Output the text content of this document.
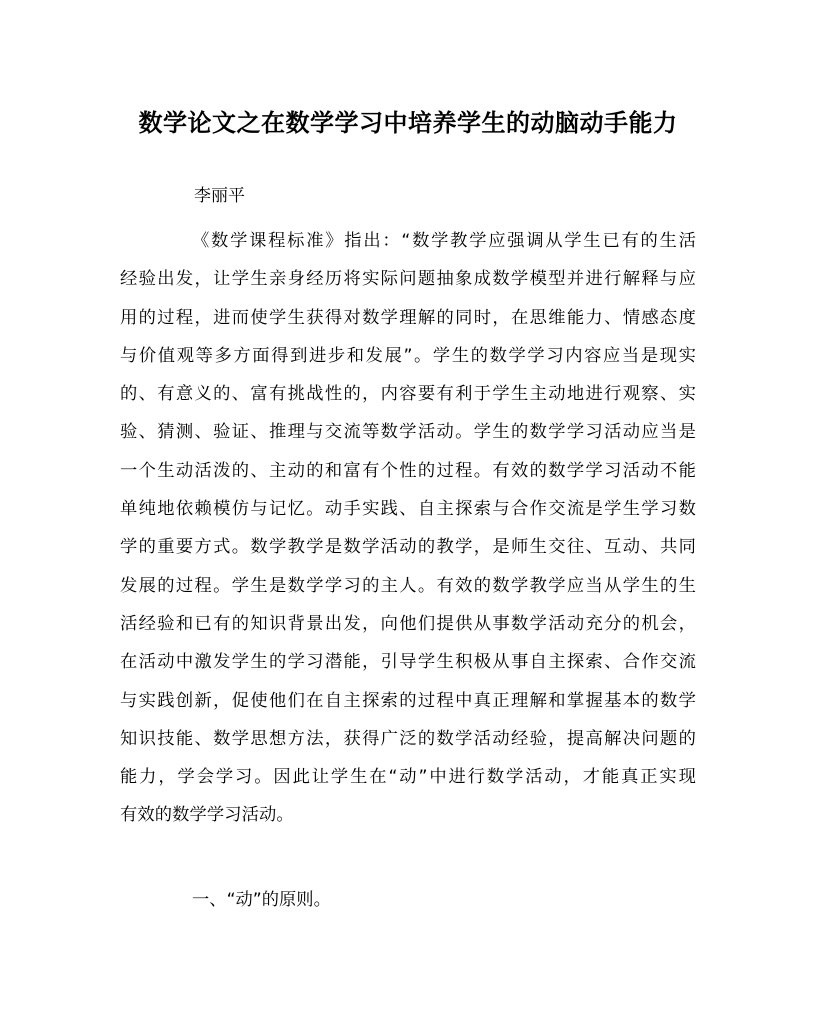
数学论文之在数学学习中培养学生的动脑动手能力
李丽平
《数学课程标准》指出：“数学教学应强调从学生已有的生活
经验出发，让学生亲身经历将实际问题抽象成数学模型并进行解释与应
用的过程，进而使学生获得对数学理解的同时，在思维能力、情感态度
与价值观等多方面得到进步和发展”。学生的数学学习内容应当是现实
的、有意义的、富有挑战性的，内容要有利于学生主动地进行观察、实
验、猜测、验证、推理与交流等数学活动。学生的数学学习活动应当是
一个生动活泼的、主动的和富有个性的过程。有效的数学学习活动不能
单纯地依赖模仿与记忆。动手实践、自主探索与合作交流是学生学习数
学的重要方式。数学教学是数学活动的教学，是师生交往、互动、共同
发展的过程。学生是数学学习的主人。有效的数学教学应当从学生的生
活经验和已有的知识背景出发，向他们提供从事数学活动充分的机会，
在活动中激发学生的学习潜能，引导学生积极从事自主探索、合作交流
与实践创新，促使他们在自主探索的过程中真正理解和掌握基本的数学
知识技能、数学思想方法，获得广泛的数学活动经验，提高解决问题的
能力，学会学习。因此让学生在“动”中进行数学活动，才能真正实现
有效的数学学习活动。
一、“动”的原则。
